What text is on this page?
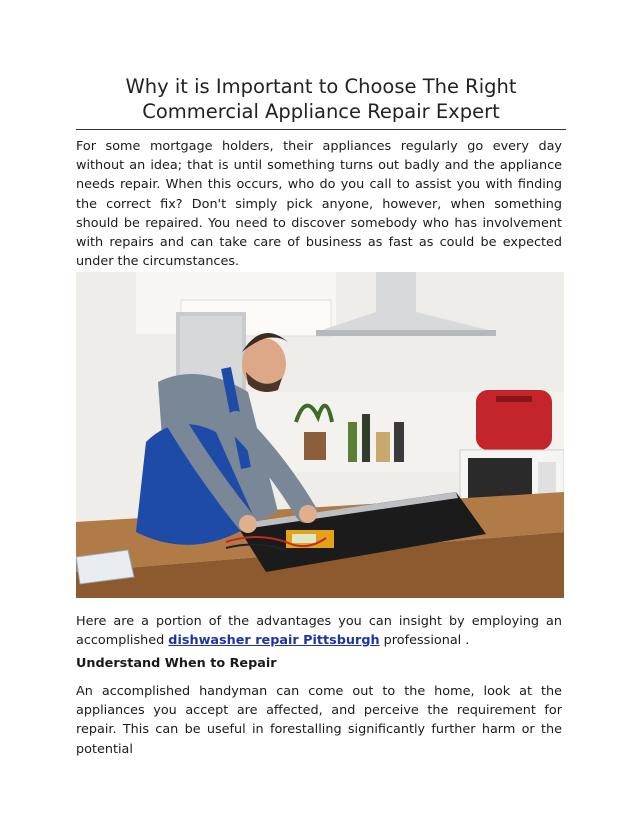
Why it is Important to Choose The Right
Commercial Appliance Repair Expert

For some mortgage holders, their appliances regularly go every day without an idea; that is until something turns out badly and the appliance needs repair. When this occurs, who do you call to assist you with finding the correct fix? Don't simply pick anyone, however, when something should be repaired. You need to discover somebody who has involvement with repairs and can take care of business as fast as could be expected under the circumstances.

Here are a portion of the advantages you can insight by employing an accomplished dishwasher repair Pittsburgh professional .

Understand When to Repair

An accomplished handyman can come out to the home, look at the appliances you accept are affected, and perceive the requirement for repair. This can be useful in forestalling significantly further harm or the potential
